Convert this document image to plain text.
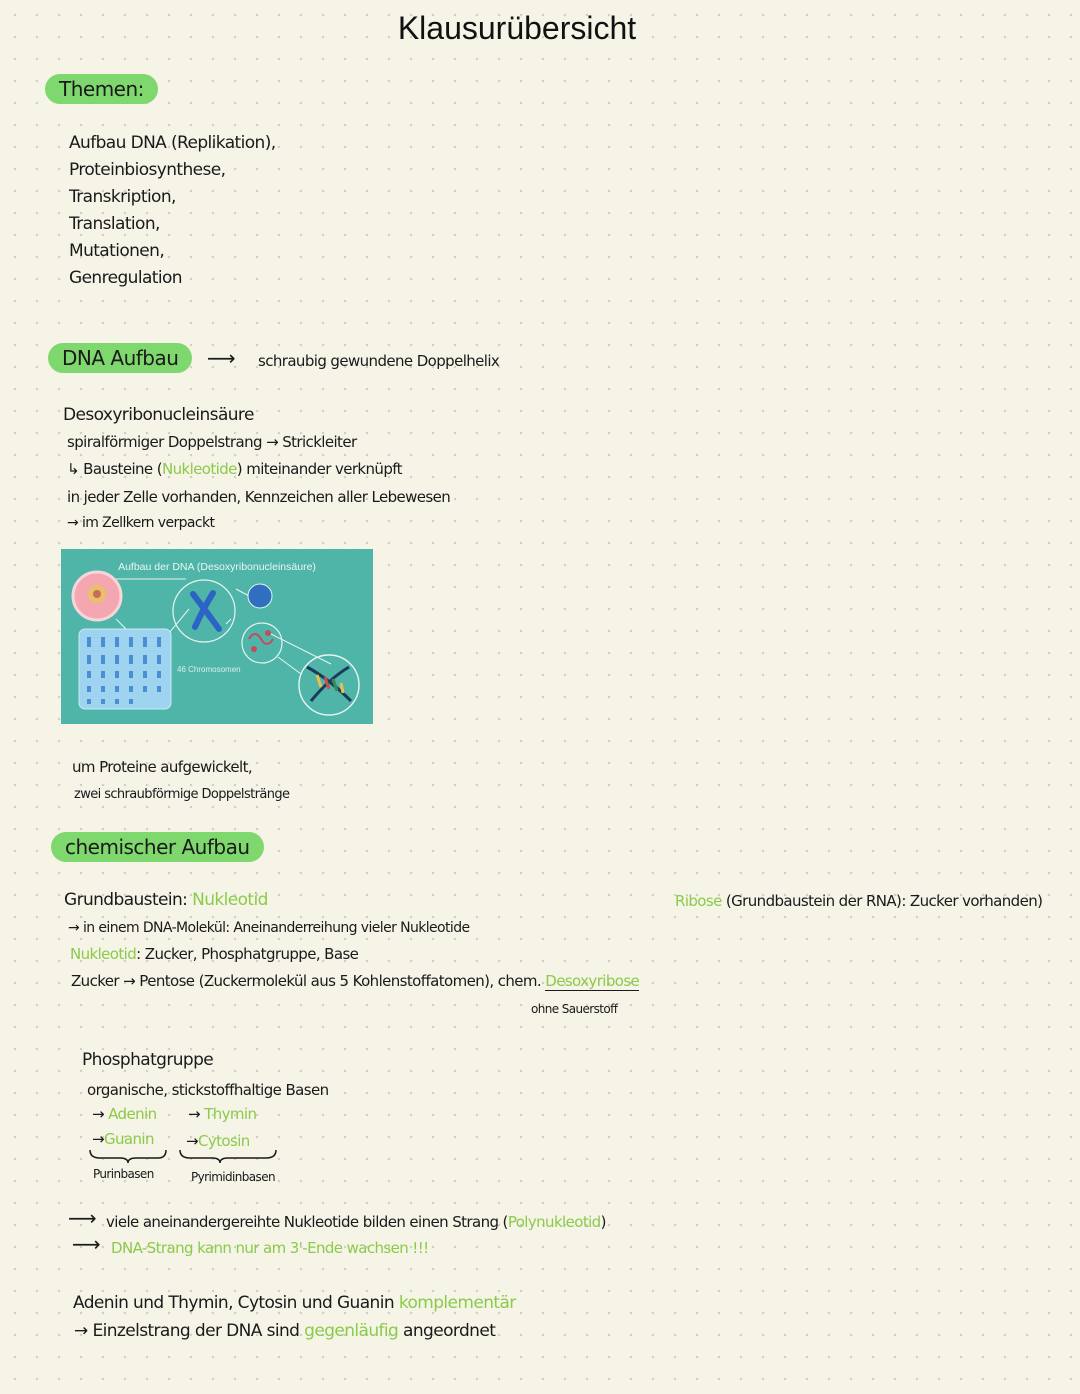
Klausurübersicht
Themen:
Aufbau DNA (Replikation),
Proteinbiosynthese,
Transkription,
Translation,
Mutationen,
Genregulation
DNA Aufbau	⟶ schraubig gewundene Doppelhelix
Desoxyribonucleinsäure
spiralförmiger Doppelstrang → Strickleiter
↳ Bausteine (Nukleotide) miteinander verknüpft
in jeder Zelle vorhanden, Kennzeichen aller Lebewesen
→ im Zellkern verpackt
Aufbau der DNA (Desoxyribonucleinsäure)
46 Chromosomen
um Proteine aufgewickelt,
zwei schraubförmige Doppelstränge
chemischer Aufbau
Grundbaustein: Nukleotid
→ in einem DNA-Molekül: Aneinanderreihung vieler Nukleotide
Nukleotid: Zucker, Phosphatgruppe, Base
Zucker → Pentose (Zuckermolekül aus 5 Kohlenstoffatomen), chem. Desoxyribose
ohne Sauerstoff
Ribose (Grundbaustein der RNA): Zucker vorhanden)
Phosphatgruppe
organische, stickstoffhaltige Basen
→ Adenin → Thymin
→Guanin →Cytosin
Purinbasen	Pyrimidinbasen
⟶ viele aneinandergereihte Nukleotide bilden einen Strang (Polynukleotid)
⟶ DNA-Strang kann nur am 3'-Ende wachsen !!!
Adenin und Thymin, Cytosin und Guanin komplementär
→ Einzelstrang der DNA sind gegenläufig angeordnet
